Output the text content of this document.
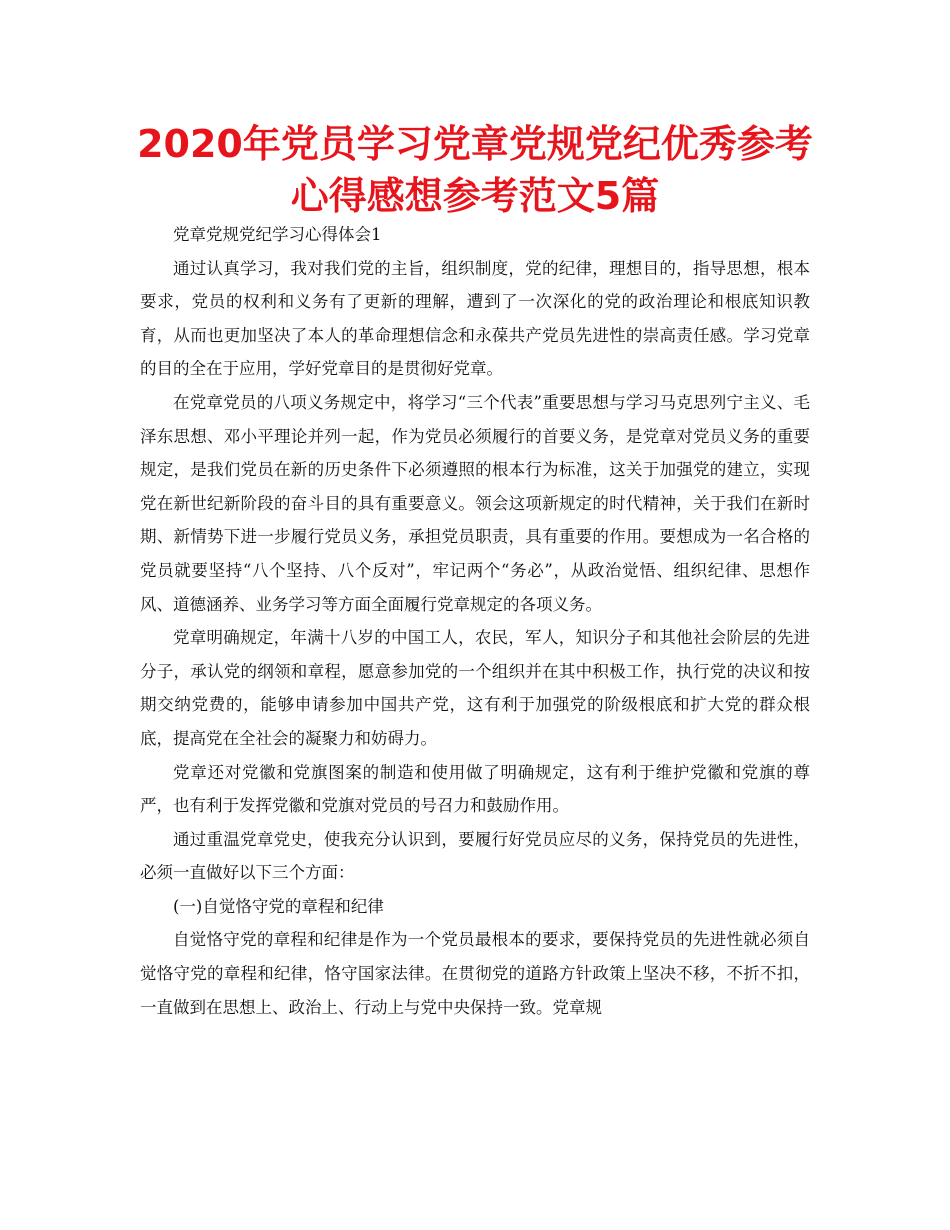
2020年党员学习党章党规党纪优秀参考心得感想参考范文5篇

党章党规党纪学习心得体会1

通过认真学习，我对我们党的主旨，组织制度，党的纪律，理想目的，指导思想，根本要求，党员的权利和义务有了更新的理解，遭到了一次深化的党的政治理论和根底知识教育，从而也更加坚决了本人的革命理想信念和永葆共产党员先进性的崇高责任感。学习党章的目的全在于应用，学好党章目的是贯彻好党章。

在党章党员的八项义务规定中，将学习“三个代表”重要思想与学习马克思列宁主义、毛泽东思想、邓小平理论并列一起，作为党员必须履行的首要义务，是党章对党员义务的重要规定，是我们党员在新的历史条件下必须遵照的根本行为标准，这关于加强党的建立，实现党在新世纪新阶段的奋斗目的具有重要意义。领会这项新规定的时代精神，关于我们在新时期、新情势下进一步履行党员义务，承担党员职责，具有重要的作用。要想成为一名合格的党员就要坚持“八个坚持、八个反对”，牢记两个“务必”，从政治觉悟、组织纪律、思想作风、道德涵养、业务学习等方面全面履行党章规定的各项义务。

党章明确规定，年满十八岁的中国工人，农民，军人，知识分子和其他社会阶层的先进分子，承认党的纲领和章程，愿意参加党的一个组织并在其中积极工作，执行党的决议和按期交纳党费的，能够申请参加中国共产党，这有利于加强党的阶级根底和扩大党的群众根底，提高党在全社会的凝聚力和妨碍力。

党章还对党徽和党旗图案的制造和使用做了明确规定，这有利于维护党徽和党旗的尊严，也有利于发挥党徽和党旗对党员的号召力和鼓励作用。

通过重温党章党史，使我充分认识到，要履行好党员应尽的义务，保持党员的先进性，必须一直做好以下三个方面：

(一)自觉恪守党的章程和纪律

自觉恪守党的章程和纪律是作为一个党员最根本的要求，要保持党员的先进性就必须自觉恪守党的章程和纪律，恪守国家法律。在贯彻党的道路方针政策上坚决不移，不折不扣，一直做到在思想上、政治上、行动上与党中央保持一致。党章规
